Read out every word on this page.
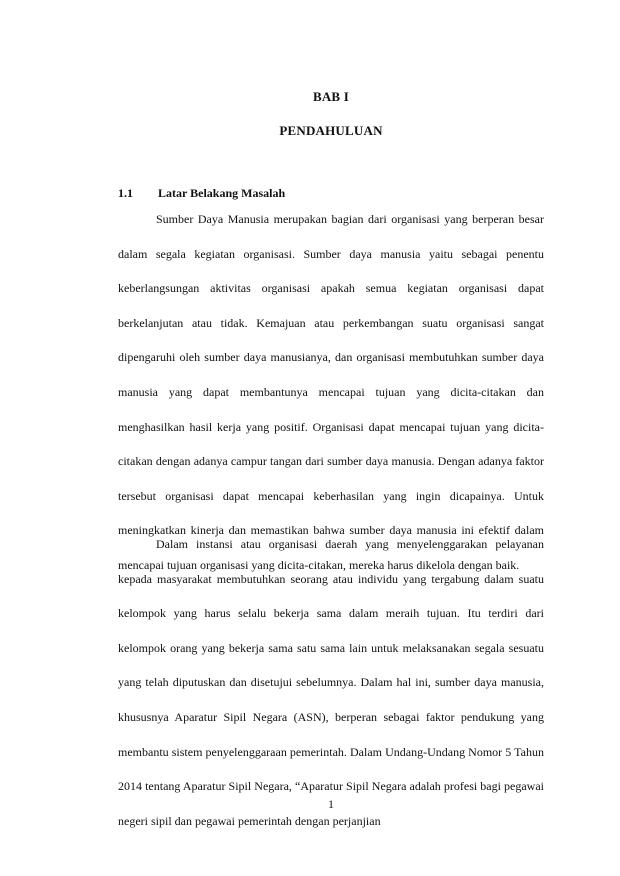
BAB I
PENDAHULUAN
1.1 Latar Belakang Masalah

Sumber Daya Manusia merupakan bagian dari organisasi yang berperan besar dalam segala kegiatan organisasi. Sumber daya manusia yaitu sebagai penentu keberlangsungan aktivitas organisasi apakah semua kegiatan organisasi dapat berkelanjutan atau tidak. Kemajuan atau perkembangan suatu organisasi sangat dipengaruhi oleh sumber daya manusianya, dan organisasi membutuhkan sumber daya manusia yang dapat membantunya mencapai tujuan yang dicita-citakan dan menghasilkan hasil kerja yang positif. Organisasi dapat mencapai tujuan yang dicita-citakan dengan adanya campur tangan dari sumber daya manusia. Dengan adanya faktor tersebut organisasi dapat mencapai keberhasilan yang ingin dicapainya. Untuk meningkatkan kinerja dan memastikan bahwa sumber daya manusia ini efektif dalam mencapai tujuan organisasi yang dicita-citakan, mereka harus dikelola dengan baik.

Dalam instansi atau organisasi daerah yang menyelenggarakan pelayanan kepada masyarakat membutuhkan seorang atau individu yang tergabung dalam suatu kelompok yang harus selalu bekerja sama dalam meraih tujuan. Itu terdiri dari kelompok orang yang bekerja sama satu sama lain untuk melaksanakan segala sesuatu yang telah diputuskan dan disetujui sebelumnya. Dalam hal ini, sumber daya manusia, khususnya Aparatur Sipil Negara (ASN), berperan sebagai faktor pendukung yang membantu sistem penyelenggaraan pemerintah. Dalam Undang-Undang Nomor 5 Tahun 2014 tentang Aparatur Sipil Negara, “Aparatur Sipil Negara adalah profesi bagi pegawai negeri sipil dan pegawai pemerintah dengan perjanjian

1
